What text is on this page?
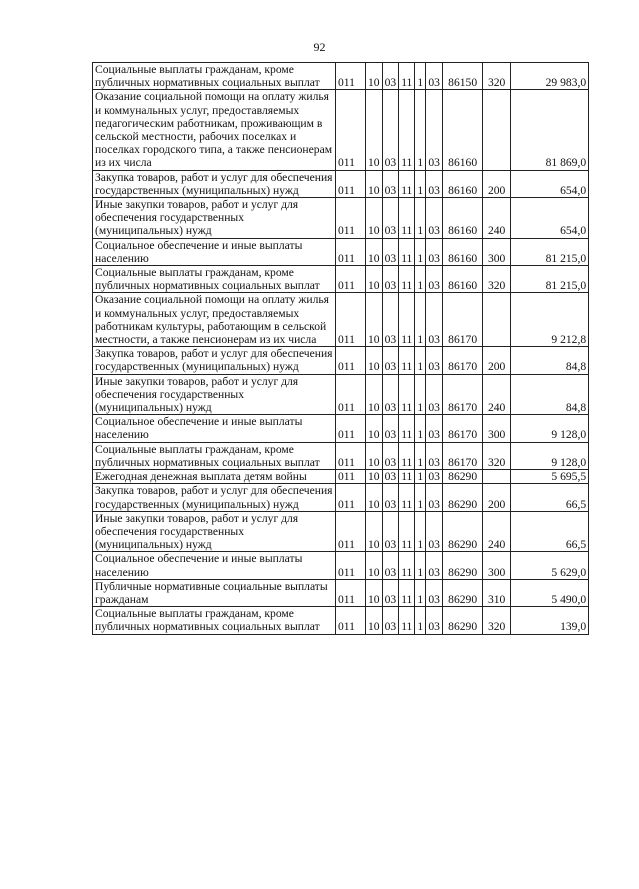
92
Социальные выплаты гражданам, кроме публичных нормативных социальных выплат	011	10	03	11	1	03	86150	320	29 983,0
Оказание социальной помощи на оплату жилья и коммунальных услуг, предоставляемых педагогическим работникам, проживающим в сельской местности, рабочих поселках и поселках городского типа, а также пенсионерам из их числа	011	10	03	11	1	03	86160		81 869,0
Закупка товаров, работ и услуг для обеспечения государственных (муниципальных) нужд	011	10	03	11	1	03	86160	200	654,0
Иные закупки товаров, работ и услуг для обеспечения государственных (муниципальных) нужд	011	10	03	11	1	03	86160	240	654,0
Социальное обеспечение и иные выплаты населению	011	10	03	11	1	03	86160	300	81 215,0
Социальные выплаты гражданам, кроме публичных нормативных социальных выплат	011	10	03	11	1	03	86160	320	81 215,0
Оказание социальной помощи на оплату жилья и коммунальных услуг, предоставляемых работникам культуры, работающим в сельской местности, а также пенсионерам из их числа	011	10	03	11	1	03	86170		9 212,8
Закупка товаров, работ и услуг для обеспечения государственных (муниципальных) нужд	011	10	03	11	1	03	86170	200	84,8
Иные закупки товаров, работ и услуг для обеспечения государственных (муниципальных) нужд	011	10	03	11	1	03	86170	240	84,8
Социальное обеспечение и иные выплаты населению	011	10	03	11	1	03	86170	300	9 128,0
Социальные выплаты гражданам, кроме публичных нормативных социальных выплат	011	10	03	11	1	03	86170	320	9 128,0
Ежегодная денежная выплата детям войны	011	10	03	11	1	03	86290		5 695,5
Закупка товаров, работ и услуг для обеспечения государственных (муниципальных) нужд	011	10	03	11	1	03	86290	200	66,5
Иные закупки товаров, работ и услуг для обеспечения государственных (муниципальных) нужд	011	10	03	11	1	03	86290	240	66,5
Социальное обеспечение и иные выплаты населению	011	10	03	11	1	03	86290	300	5 629,0
Публичные нормативные социальные выплаты гражданам	011	10	03	11	1	03	86290	310	5 490,0
Социальные выплаты гражданам, кроме публичных нормативных социальных выплат	011	10	03	11	1	03	86290	320	139,0
